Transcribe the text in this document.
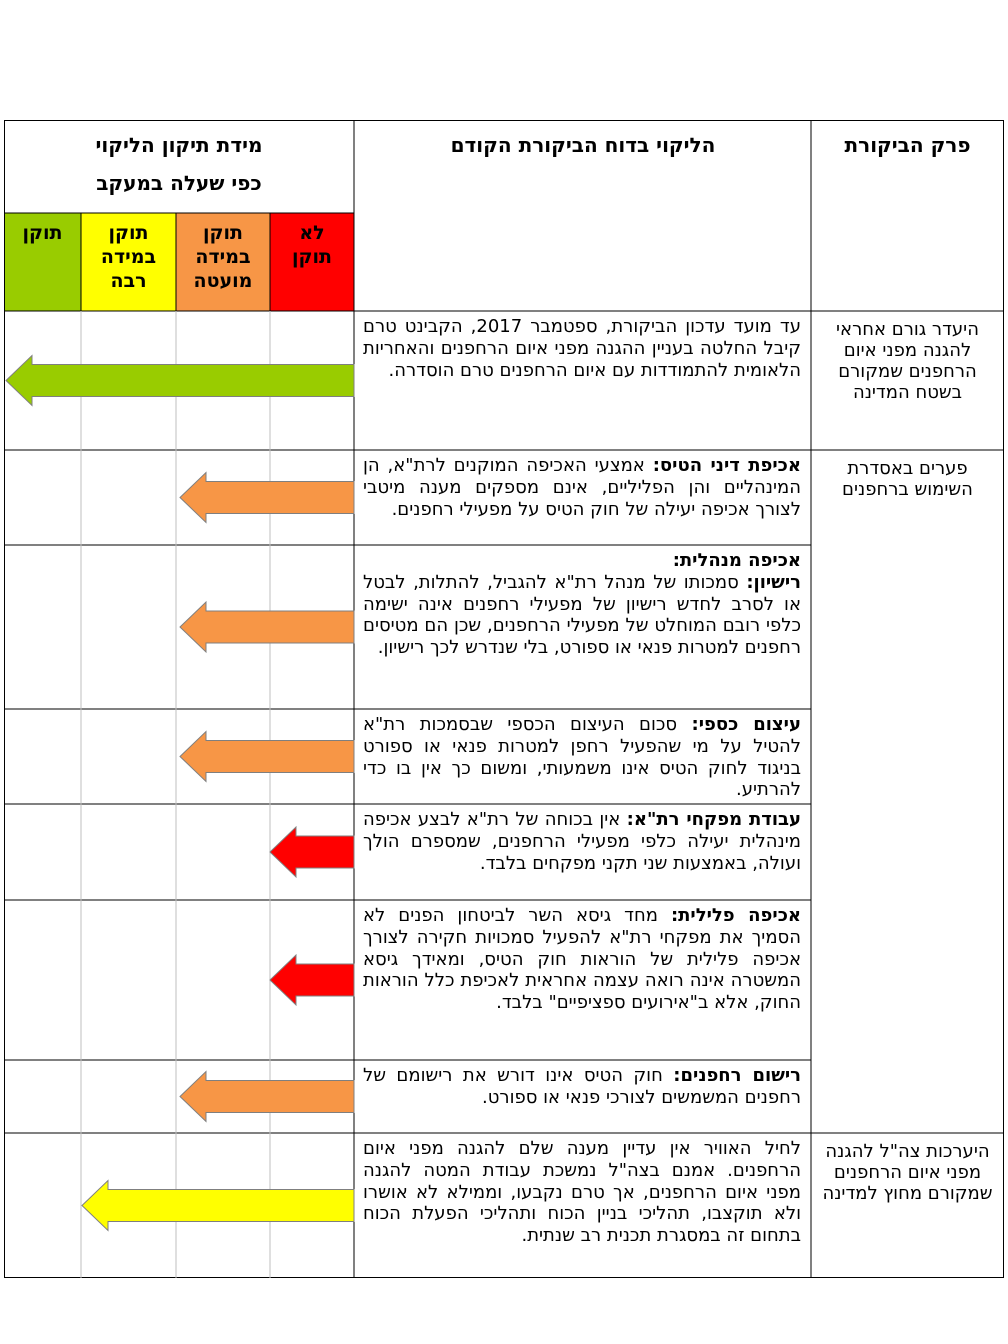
פרק הביקורת
הליקוי בדוח הביקורת הקודם
מידת תיקון הליקוי
כפי שעלה במעקב
לא
תוקן
תוקן
במידה
מועטה
תוקן
במידה
רבה
תוקן
היעדר גורם אחראי להגנה מפני איום הרחפנים שמקורם בשטח המדינה
פערים באסדרת השימוש ברחפנים
היערכות צה"ל להגנה מפני איום הרחפנים שמקורם מחוץ למדינה
עד מועד עדכון הביקורת, ספטמבר 2017, הקבינט טרם קיבל החלטה בעניין ההגנה מפני איום הרחפנים והאחריות הלאומית להתמודדות עם איום הרחפנים טרם הוסדרה.
אכיפת דיני הטיס: אמצעי האכיפה המוקנים לרת"א, הן המינהליים והן הפליליים, אינם מספקים מענה מיטבי לצורך אכיפה יעילה של חוק הטיס על מפעילי רחפנים.
אכיפה מנהלית:
רישיון: סמכותו של מנהל רת"א להגביל, להתלות, לבטל או לסרב לחדש רישיון של מפעילי רחפנים אינה ישימה כלפי רובם המוחלט של מפעילי הרחפנים, שכן הם מטיסים רחפנים למטרות פנאי או ספורט, בלי שנדרש לכך רישיון.
עיצום כספי: סכום העיצום הכספי שבסמכות רת"א להטיל על מי שהפעיל רחפן למטרות פנאי או ספורט בניגוד לחוק הטיס אינו משמעותי, ומשום כך אין בו כדי להרתיע.
עבודת מפקחי רת"א: אין בכוחה של רת"א לבצע אכיפה מינהלית יעילה כלפי מפעילי הרחפנים, שמספרם הולך ועולה, באמצעות שני תקני מפקחים בלבד.
אכיפה פלילית: מחד גיסא השר לביטחון הפנים לא הסמיך את מפקחי רת"א להפעיל סמכויות חקירה לצורך אכיפה פלילית של הוראות חוק הטיס, ומאידך גיסא המשטרה אינה רואה עצמה אחראית לאכיפת כלל הוראות החוק, אלא ב"אירועים ספציפיים" בלבד.
רישום רחפנים: חוק הטיס אינו דורש את רישומם של רחפנים המשמשים לצורכי פנאי או ספורט.
לחיל האוויר אין עדיין מענה שלם להגנה מפני איום הרחפנים. אמנם בצה"ל נמשכת עבודת המטה להגנה מפני איום הרחפנים, אך טרם נקבעו, וממילא לא אושרו ולא תוקצבו, תהליכי בניין הכוח ותהליכי הפעלת הכוח בתחום זה במסגרת תכנית רב שנתית.
